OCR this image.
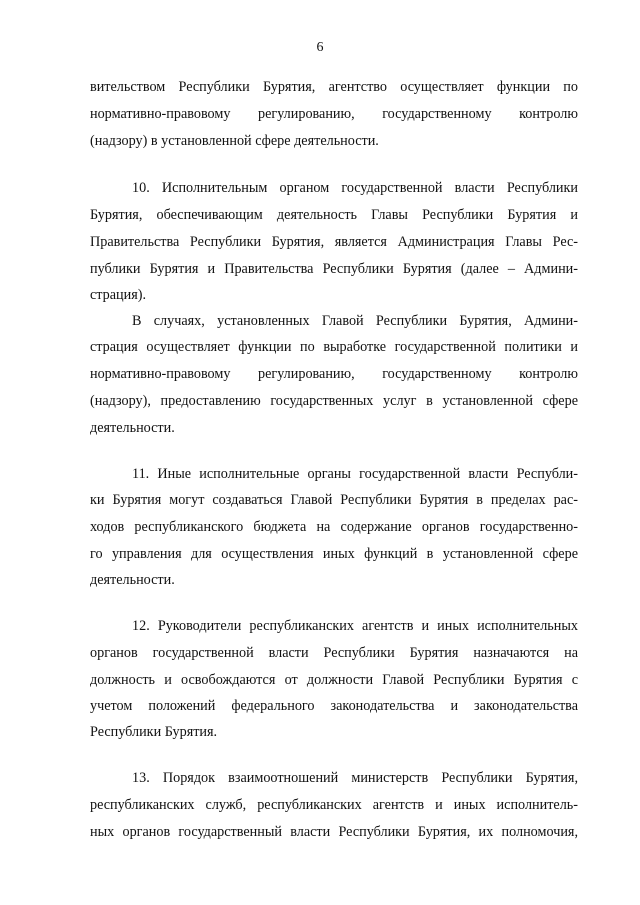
6
вительством Республики Бурятия, агентство осуществляет функции по
нормативно-правовому регулированию, государственному контролю
(надзору) в установленной сфере деятельности.
10. Исполнительным органом государственной власти Республики
Бурятия, обеспечивающим деятельность Главы Республики Бурятия и
Правительства Республики Бурятия, является Администрация Главы Рес-
публики Бурятия и Правительства Республики Бурятия (далее – Админи-
страция).
В случаях, установленных Главой Республики Бурятия, Админи-
страция осуществляет функции по выработке государственной политики и
нормативно-правовому регулированию, государственному контролю
(надзору), предоставлению государственных услуг в установленной сфере
деятельности.
11. Иные исполнительные органы государственной власти Республи-
ки Бурятия могут создаваться Главой Республики Бурятия в пределах рас-
ходов республиканского бюджета на содержание органов государственно-
го управления для осуществления иных функций в установленной сфере
деятельности.
12. Руководители республиканских агентств и иных исполнительных
органов государственной власти Республики Бурятия назначаются на
должность и освобождаются от должности Главой Республики Бурятия с
учетом положений федерального законодательства и законодательства
Республики Бурятия.
13. Порядок взаимоотношений министерств Республики Бурятия,
республиканских служб, республиканских агентств и иных исполнитель-
ных органов государственный власти Республики Бурятия, их полномочия,
